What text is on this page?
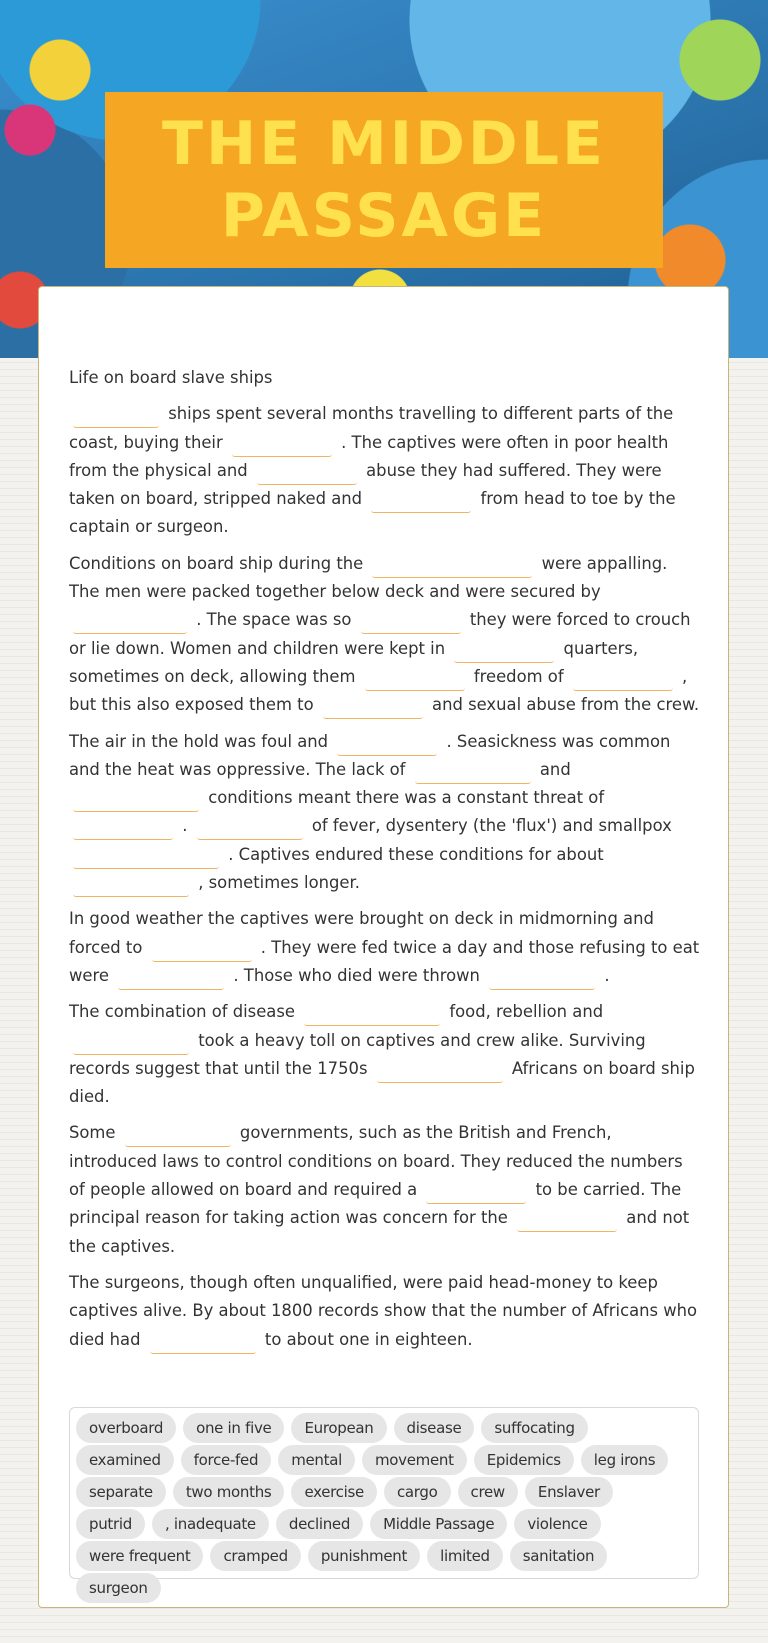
THE MIDDLE PASSAGE

Life on board slave ships

ships spent several months travelling to different parts of the coast, buying their	. The captives were often in poor health from the physical and	abuse they had suffered. They were taken on board, stripped naked and	from head to toe by the captain or surgeon.

Conditions on board ship during the	were appalling. The men were packed together below deck and were secured by  . The space was so	they were forced to crouch or lie down. Women and children were kept in	quarters, sometimes on deck, allowing them	freedom of	, but this also exposed them to	and sexual abuse from the crew.

The air in the hold was foul and	. Seasickness was common and the heat was oppressive. The lack of	and  conditions meant there was a constant threat of  .	of fever, dysentery (the 'flux') and smallpox  . Captives endured these conditions for about  , sometimes longer.

In good weather the captives were brought on deck in midmorning and forced to	. They were fed twice a day and those refusing to eat were	. Those who died were thrown	.

The combination of disease	food, rebellion and  took a heavy toll on captives and crew alike. Surviving records suggest that until the 1750s	Africans on board ship died.

Some	governments, such as the British and French, introduced laws to control conditions on board. They reduced the numbers of people allowed on board and required a	to be carried. The principal reason for taking action was concern for the	and not the captives.

The surgeons, though often unqualified, were paid head-money to keep captives alive. By about 1800 records show that the number of Africans who died had	to about one in eighteen.

overboard	one in five	European	disease	suffocating
examined	force-fed	mental	movement	Epidemics	leg irons
separate	two months	exercise	cargo	crew	Enslaver
putrid	, inadequate	declined	Middle Passage	violence
were frequent	cramped	punishment	limited	sanitation
surgeon
